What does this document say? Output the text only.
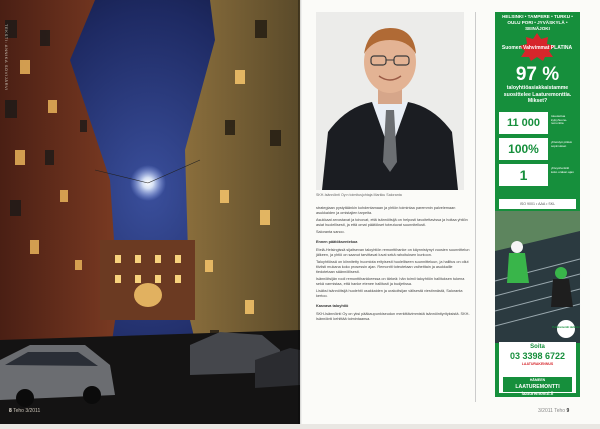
TEKSTI: ANNIKA SOVIJÄRVI
8 Teho 3/2011
SKH-Isännöinti Oy:n toimitusjohtaja Markku Saloranta

strategiaan pystytäänkin kohdentamaan ja yhtiön toimintaa paremmin palvelemaan asukkaiden ja omistajien tarpeita.

Asukkaat arvostavat ja toivovat, että isännöitsijä on helposti tavoitettavissa ja hoitaa yhtiön asiat huolellisesti, ja että omat päätökset toteutuvat suunnitellusti.

Saloranta sanoo.

Ennen päätöksentekoa

Etelä-Helsingissä sijaitsevan taloyhtiön remonttihanke on käynnistynyt vuosien suunnittelun jälkeen, ja yhtiö on saanut tarvittavat luvat sekä rahoituksen kuntoon.

Taloyhtiössä on kiinnitetty huomiota erityisesti huolelliseen suunnitteluun, ja hallitus on ollut tiiviisti mukana koko prosessin ajan. Remontti toteutetaan vaiheittain ja asukkaille tiedotetaan säännöllisesti.

Isännöitsijän rooli remonttihankkeessa on tärkeä: hän toimii taloyhtiön hallituksen tukena sekä varmistaa, että hanke etenee hallitusti ja budjetissa.

Lisäksi isännöitsijä huolehtii osakkaiden ja urakoitsijan välisestä viestinnästä, Saloranta kertoo.

Kasvava taloyhtiö

SKH-Isännöinti Oy on yksi pääkaupunkiseudun merkittävimmistä isännöintiyrityksistä. SKH-Isännöinti kehittää toimintaansa.

HELSINKI • TAMPERE • TURKU • OULU PORI • JYVÄSKYLÄ • SEINÄJOKI
Suomen Vahvimmat PLATINA
97 %
taloyhtiöasiakkaistamme suosittelee Laaturemonttia. Mikset?
11 000
toteutettua kylpyhuone-remonttia
100%	yhteistyö pitävä sopimukset
1	yhteyshenkilö koko urakan ajan
ISO 9001 • AAA • SKL
Putkiremontti Helsinki
Soita
03 3398 6722
LAATURAKENNUS
HÄMEEN
LAATUREMONTTI
laaturemontti.fi
3/2011 Teho 9
